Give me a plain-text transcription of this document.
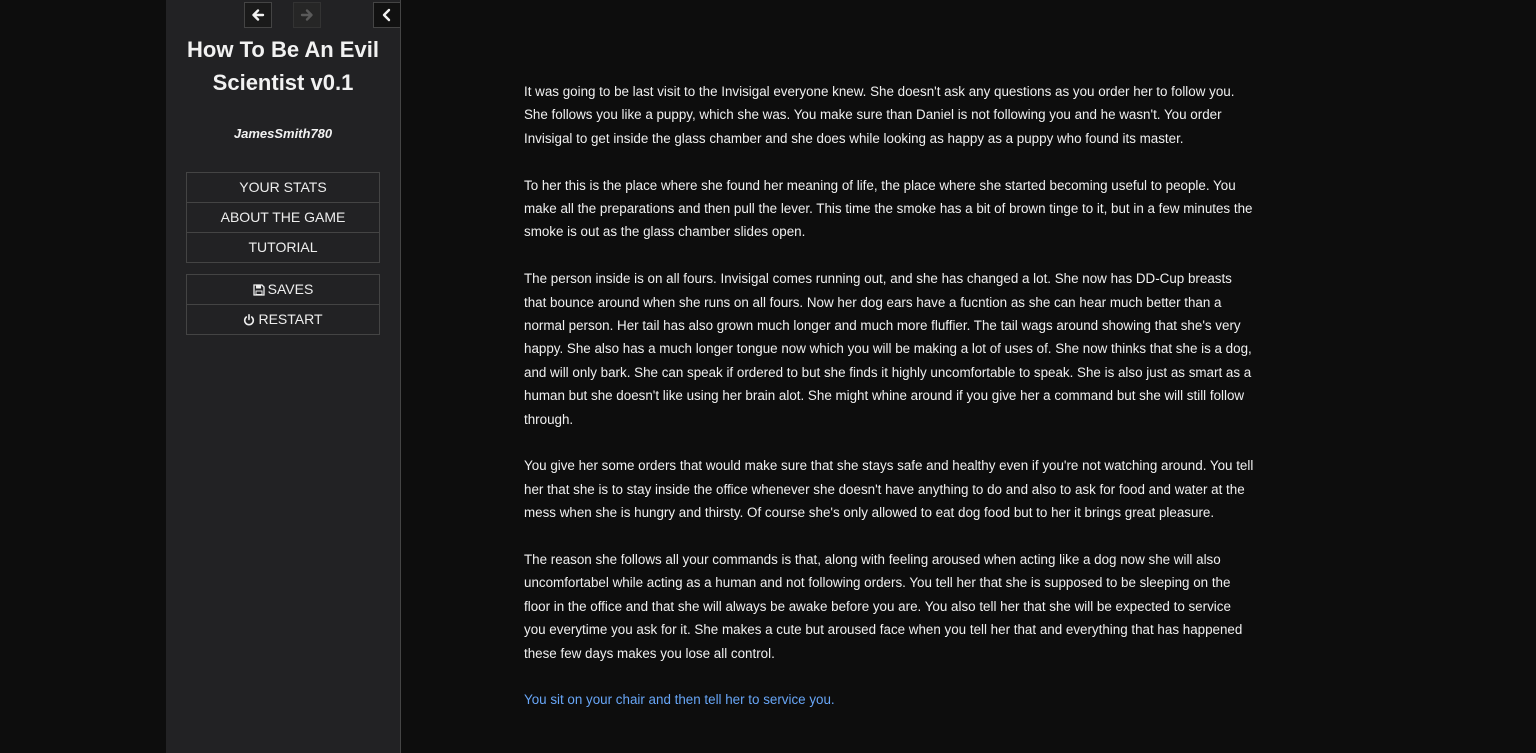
How To Be An Evil Scientist v0.1
JamesSmith780
YOUR STATS
ABOUT THE GAME
TUTORIAL
SAVES
RESTART

It was going to be last visit to the Invisigal everyone knew. She doesn't ask any questions as you order her to follow you. She follows you like a puppy, which she was. You make sure than Daniel is not following you and he wasn't. You order Invisigal to get inside the glass chamber and she does while looking as happy as a puppy who found its master.

To her this is the place where she found her meaning of life, the place where she started becoming useful to people. You make all the preparations and then pull the lever. This time the smoke has a bit of brown tinge to it, but in a few minutes the smoke is out as the glass chamber slides open.

The person inside is on all fours. Invisigal comes running out, and she has changed a lot. She now has DD-Cup breasts that bounce around when she runs on all fours. Now her dog ears have a fucntion as she can hear much better than a normal person. Her tail has also grown much longer and much more fluffier. The tail wags around showing that she's very happy. She also has a much longer tongue now which you will be making a lot of uses of. She now thinks that she is a dog, and will only bark. She can speak if ordered to but she finds it highly uncomfortable to speak. She is also just as smart as a human but she doesn't like using her brain alot. She might whine around if you give her a command but she will still follow through.

You give her some orders that would make sure that she stays safe and healthy even if you're not watching around. You tell her that she is to stay inside the office whenever she doesn't have anything to do and also to ask for food and water at the mess when she is hungry and thirsty. Of course she's only allowed to eat dog food but to her it brings great pleasure.

The reason she follows all your commands is that, along with feeling aroused when acting like a dog now she will also uncomfortabel while acting as a human and not following orders. You tell her that she is supposed to be sleeping on the floor in the office and that she will always be awake before you are. You also tell her that she will be expected to service you everytime you ask for it. She makes a cute but aroused face when you tell her that and everything that has happened these few days makes you lose all control.

You sit on your chair and then tell her to service you.
